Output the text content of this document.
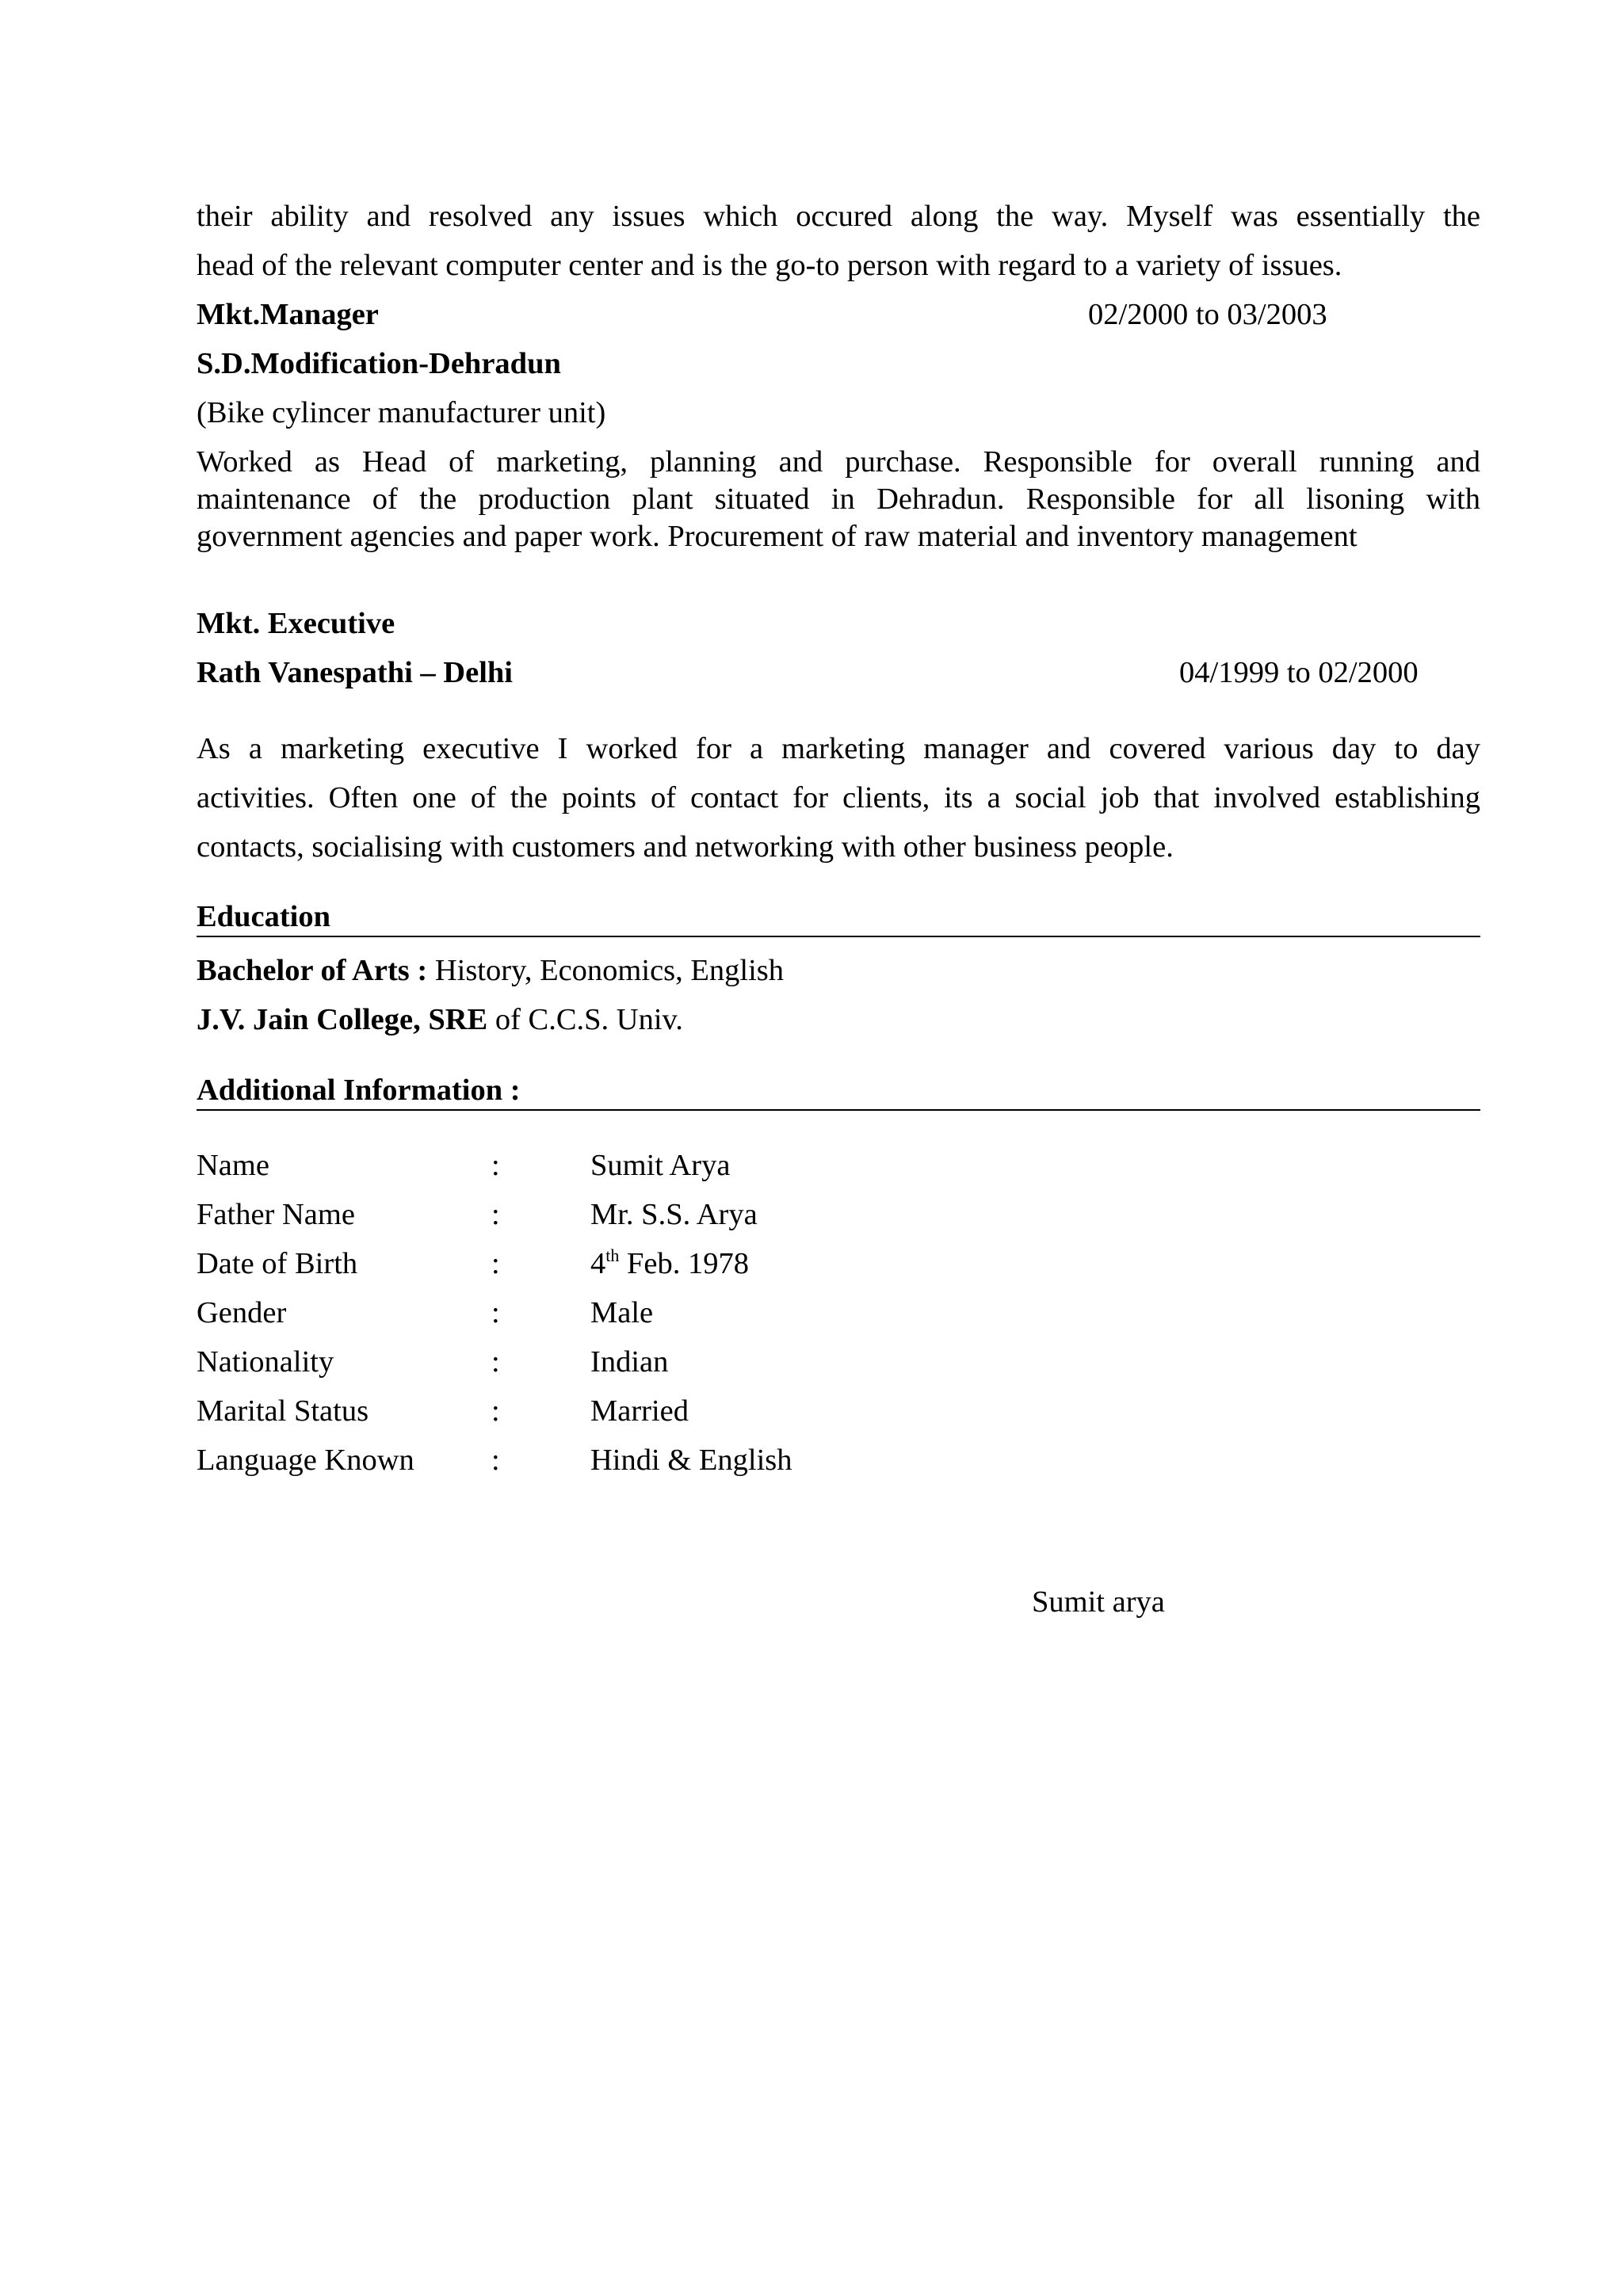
their ability and resolved any issues which occured along the way. Myself was essentially the
head of the relevant computer center and is the go-to person with regard to a variety of issues.
Mkt.Manager	02/2000 to 03/2003
S.D.Modification-Dehradun
(Bike cylincer manufacturer unit)
Worked as Head of marketing, planning and purchase. Responsible for overall running and
maintenance of the production plant situated in Dehradun. Responsible for all lisoning with
government agencies and paper work. Procurement of raw material and inventory management
Mkt. Executive
Rath Vanespathi – Delhi	04/1999 to 02/2000
As a marketing executive I worked for a marketing manager and covered various day to day
activities. Often one of the points of contact for clients, its a social job that involved establishing
contacts, socialising with customers and networking with other business people.
Education
Bachelor of Arts : History, Economics, English
J.V. Jain College, SRE of C.C.S. Univ.
Additional Information :
Name	:	Sumit Arya
Father Name	:	Mr. S.S. Arya
Date of Birth	:	4th Feb. 1978
Gender	:	Male
Nationality	:	Indian
Marital Status	:	Married
Language Known	:	Hindi & English
Sumit arya
